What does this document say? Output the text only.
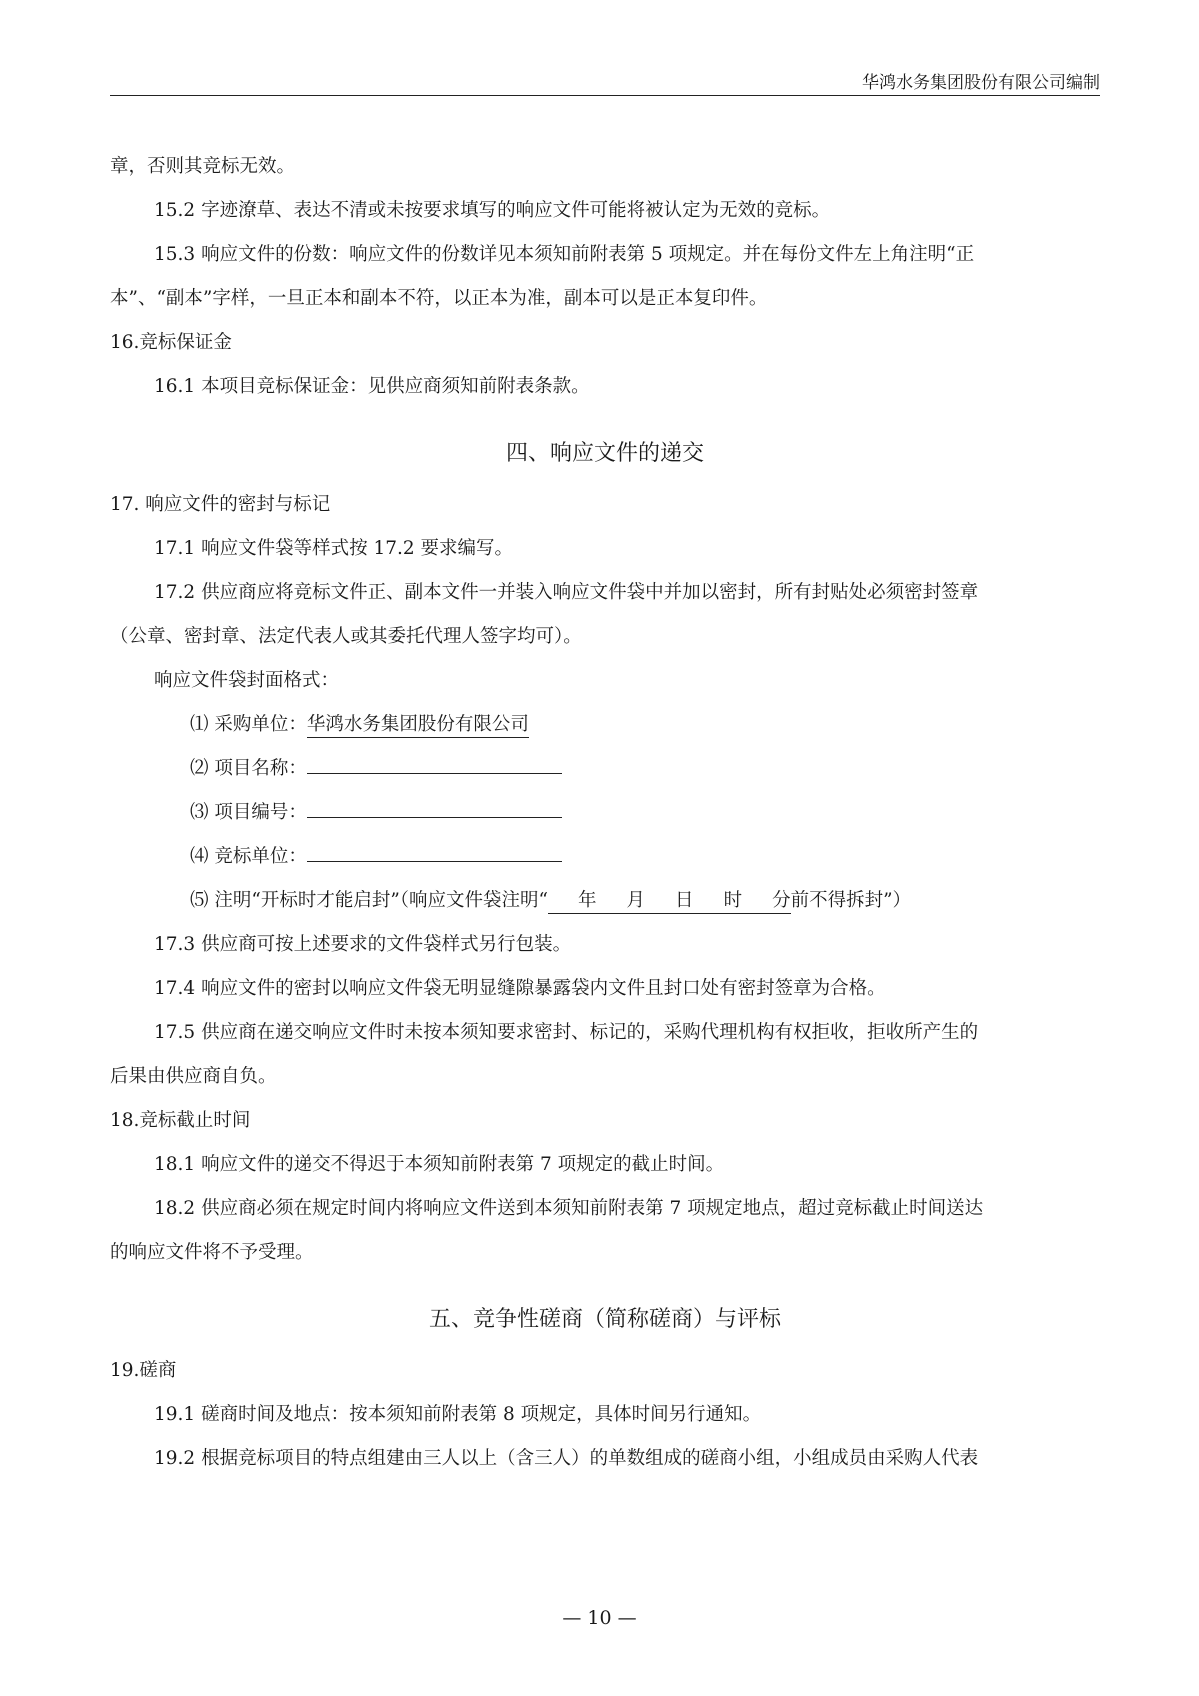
华鸿水务集团股份有限公司编制
章，否则其竞标无效。
15.2 字迹潦草、表达不清或未按要求填写的响应文件可能将被认定为无效的竞标。
15.3 响应文件的份数：响应文件的份数详见本须知前附表第 5 项规定。并在每份文件左上角注明“正
本”、“副本”字样，一旦正本和副本不符，以正本为准，副本可以是正本复印件。
16.竞标保证金
16.1 本项目竞标保证金：见供应商须知前附表条款。
四、响应文件的递交
17. 响应文件的密封与标记
17.1 响应文件袋等样式按 17.2 要求编写。
17.2 供应商应将竞标文件正、副本文件一并装入响应文件袋中并加以密封，所有封贴处必须密封签章
（公章、密封章、法定代表人或其委托代理人签字均可）。
响应文件袋封面格式：
⑴ 采购单位：华鸿水务集团股份有限公司
⑵ 项目名称：
⑶ 项目编号：
⑷ 竞标单位：
⑸ 注明“开标时才能启封”（响应文件袋注明“ 年 月 日 时 分前不得拆封”）
17.3 供应商可按上述要求的文件袋样式另行包装。
17.4 响应文件的密封以响应文件袋无明显缝隙暴露袋内文件且封口处有密封签章为合格。
17.5 供应商在递交响应文件时未按本须知要求密封、标记的，采购代理机构有权拒收，拒收所产生的
后果由供应商自负。
18.竞标截止时间
18.1 响应文件的递交不得迟于本须知前附表第 7 项规定的截止时间。
18.2 供应商必须在规定时间内将响应文件送到本须知前附表第 7 项规定地点，超过竞标截止时间送达
的响应文件将不予受理。
五、竞争性磋商（简称磋商）与评标
19.磋商
19.1 磋商时间及地点：按本须知前附表第 8 项规定，具体时间另行通知。
19.2 根据竞标项目的特点组建由三人以上（含三人）的单数组成的磋商小组，小组成员由采购人代表
— 10 —
